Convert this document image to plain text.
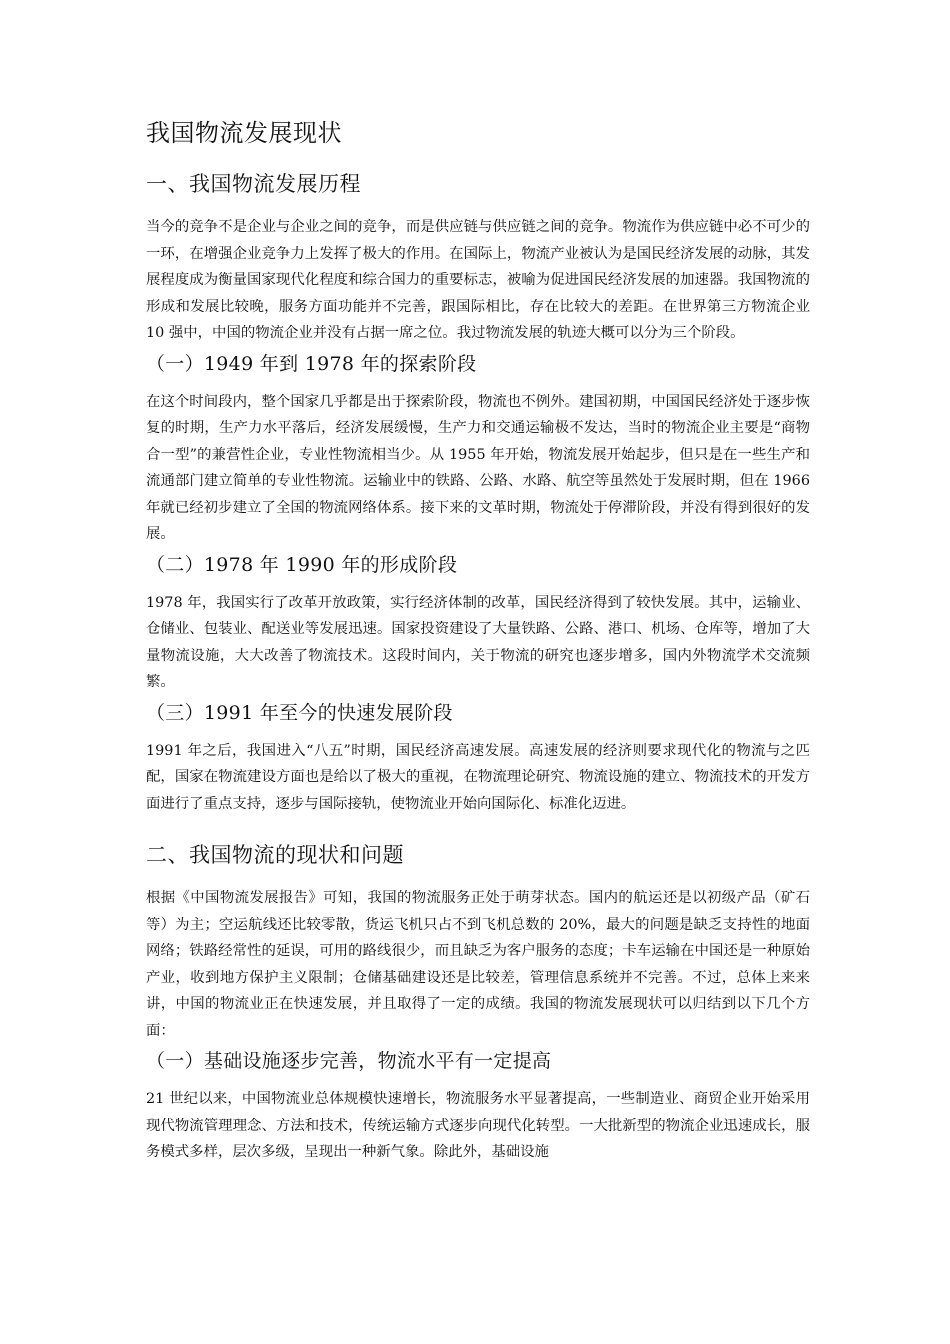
我国物流发展现状
一、我国物流发展历程

当今的竞争不是企业与企业之间的竞争，而是供应链与供应链之间的竞争。物流作为供应链中必不可少的一环，在增强企业竞争力上发挥了极大的作用。在国际上，物流产业被认为是国民经济发展的动脉，其发展程度成为衡量国家现代化程度和综合国力的重要标志，被喻为促进国民经济发展的加速器。我国物流的形成和发展比较晚，服务方面功能并不完善，跟国际相比，存在比较大的差距。在世界第三方物流企业 10 强中，中国的物流企业并没有占据一席之位。我过物流发展的轨迹大概可以分为三个阶段。

（一）1949 年到 1978 年的探索阶段

在这个时间段内，整个国家几乎都是出于探索阶段，物流也不例外。建国初期，中国国民经济处于逐步恢复的时期，生产力水平落后，经济发展缓慢，生产力和交通运输极不发达，当时的物流企业主要是“商物合一型”的兼营性企业，专业性物流相当少。从 1955 年开始，物流发展开始起步，但只是在一些生产和流通部门建立简单的专业性物流。运输业中的铁路、公路、水路、航空等虽然处于发展时期，但在 1966 年就已经初步建立了全国的物流网络体系。接下来的文革时期，物流处于停滞阶段，并没有得到很好的发展。

（二）1978 年 1990 年的形成阶段

1978 年，我国实行了改革开放政策，实行经济体制的改革，国民经济得到了较快发展。其中，运输业、仓储业、包装业、配送业等发展迅速。国家投资建设了大量铁路、公路、港口、机场、仓库等，增加了大量物流设施，大大改善了物流技术。这段时间内，关于物流的研究也逐步增多，国内外物流学术交流频繁。

（三）1991 年至今的快速发展阶段

1991 年之后，我国进入“八五”时期，国民经济高速发展。高速发展的经济则要求现代化的物流与之匹配，国家在物流建设方面也是给以了极大的重视，在物流理论研究、物流设施的建立、物流技术的开发方面进行了重点支持，逐步与国际接轨，使物流业开始向国际化、标准化迈进。

二、我国物流的现状和问题

根据《中国物流发展报告》可知，我国的物流服务正处于萌芽状态。国内的航运还是以初级产品（矿石等）为主；空运航线还比较零散，货运飞机只占不到飞机总数的 20%，最大的问题是缺乏支持性的地面网络；铁路经常性的延误，可用的路线很少，而且缺乏为客户服务的态度；卡车运输在中国还是一种原始产业，收到地方保护主义限制；仓储基础建设还是比较差，管理信息系统并不完善。不过，总体上来来讲，中国的物流业正在快速发展，并且取得了一定的成绩。我国的物流发展现状可以归结到以下几个方面：

（一）基础设施逐步完善，物流水平有一定提高

21 世纪以来，中国物流业总体规模快速增长，物流服务水平显著提高，一些制造业、商贸企业开始采用现代物流管理理念、方法和技术，传统运输方式逐步向现代化转型。一大批新型的物流企业迅速成长，服务模式多样，层次多级，呈现出一种新气象。除此外，基础设施
